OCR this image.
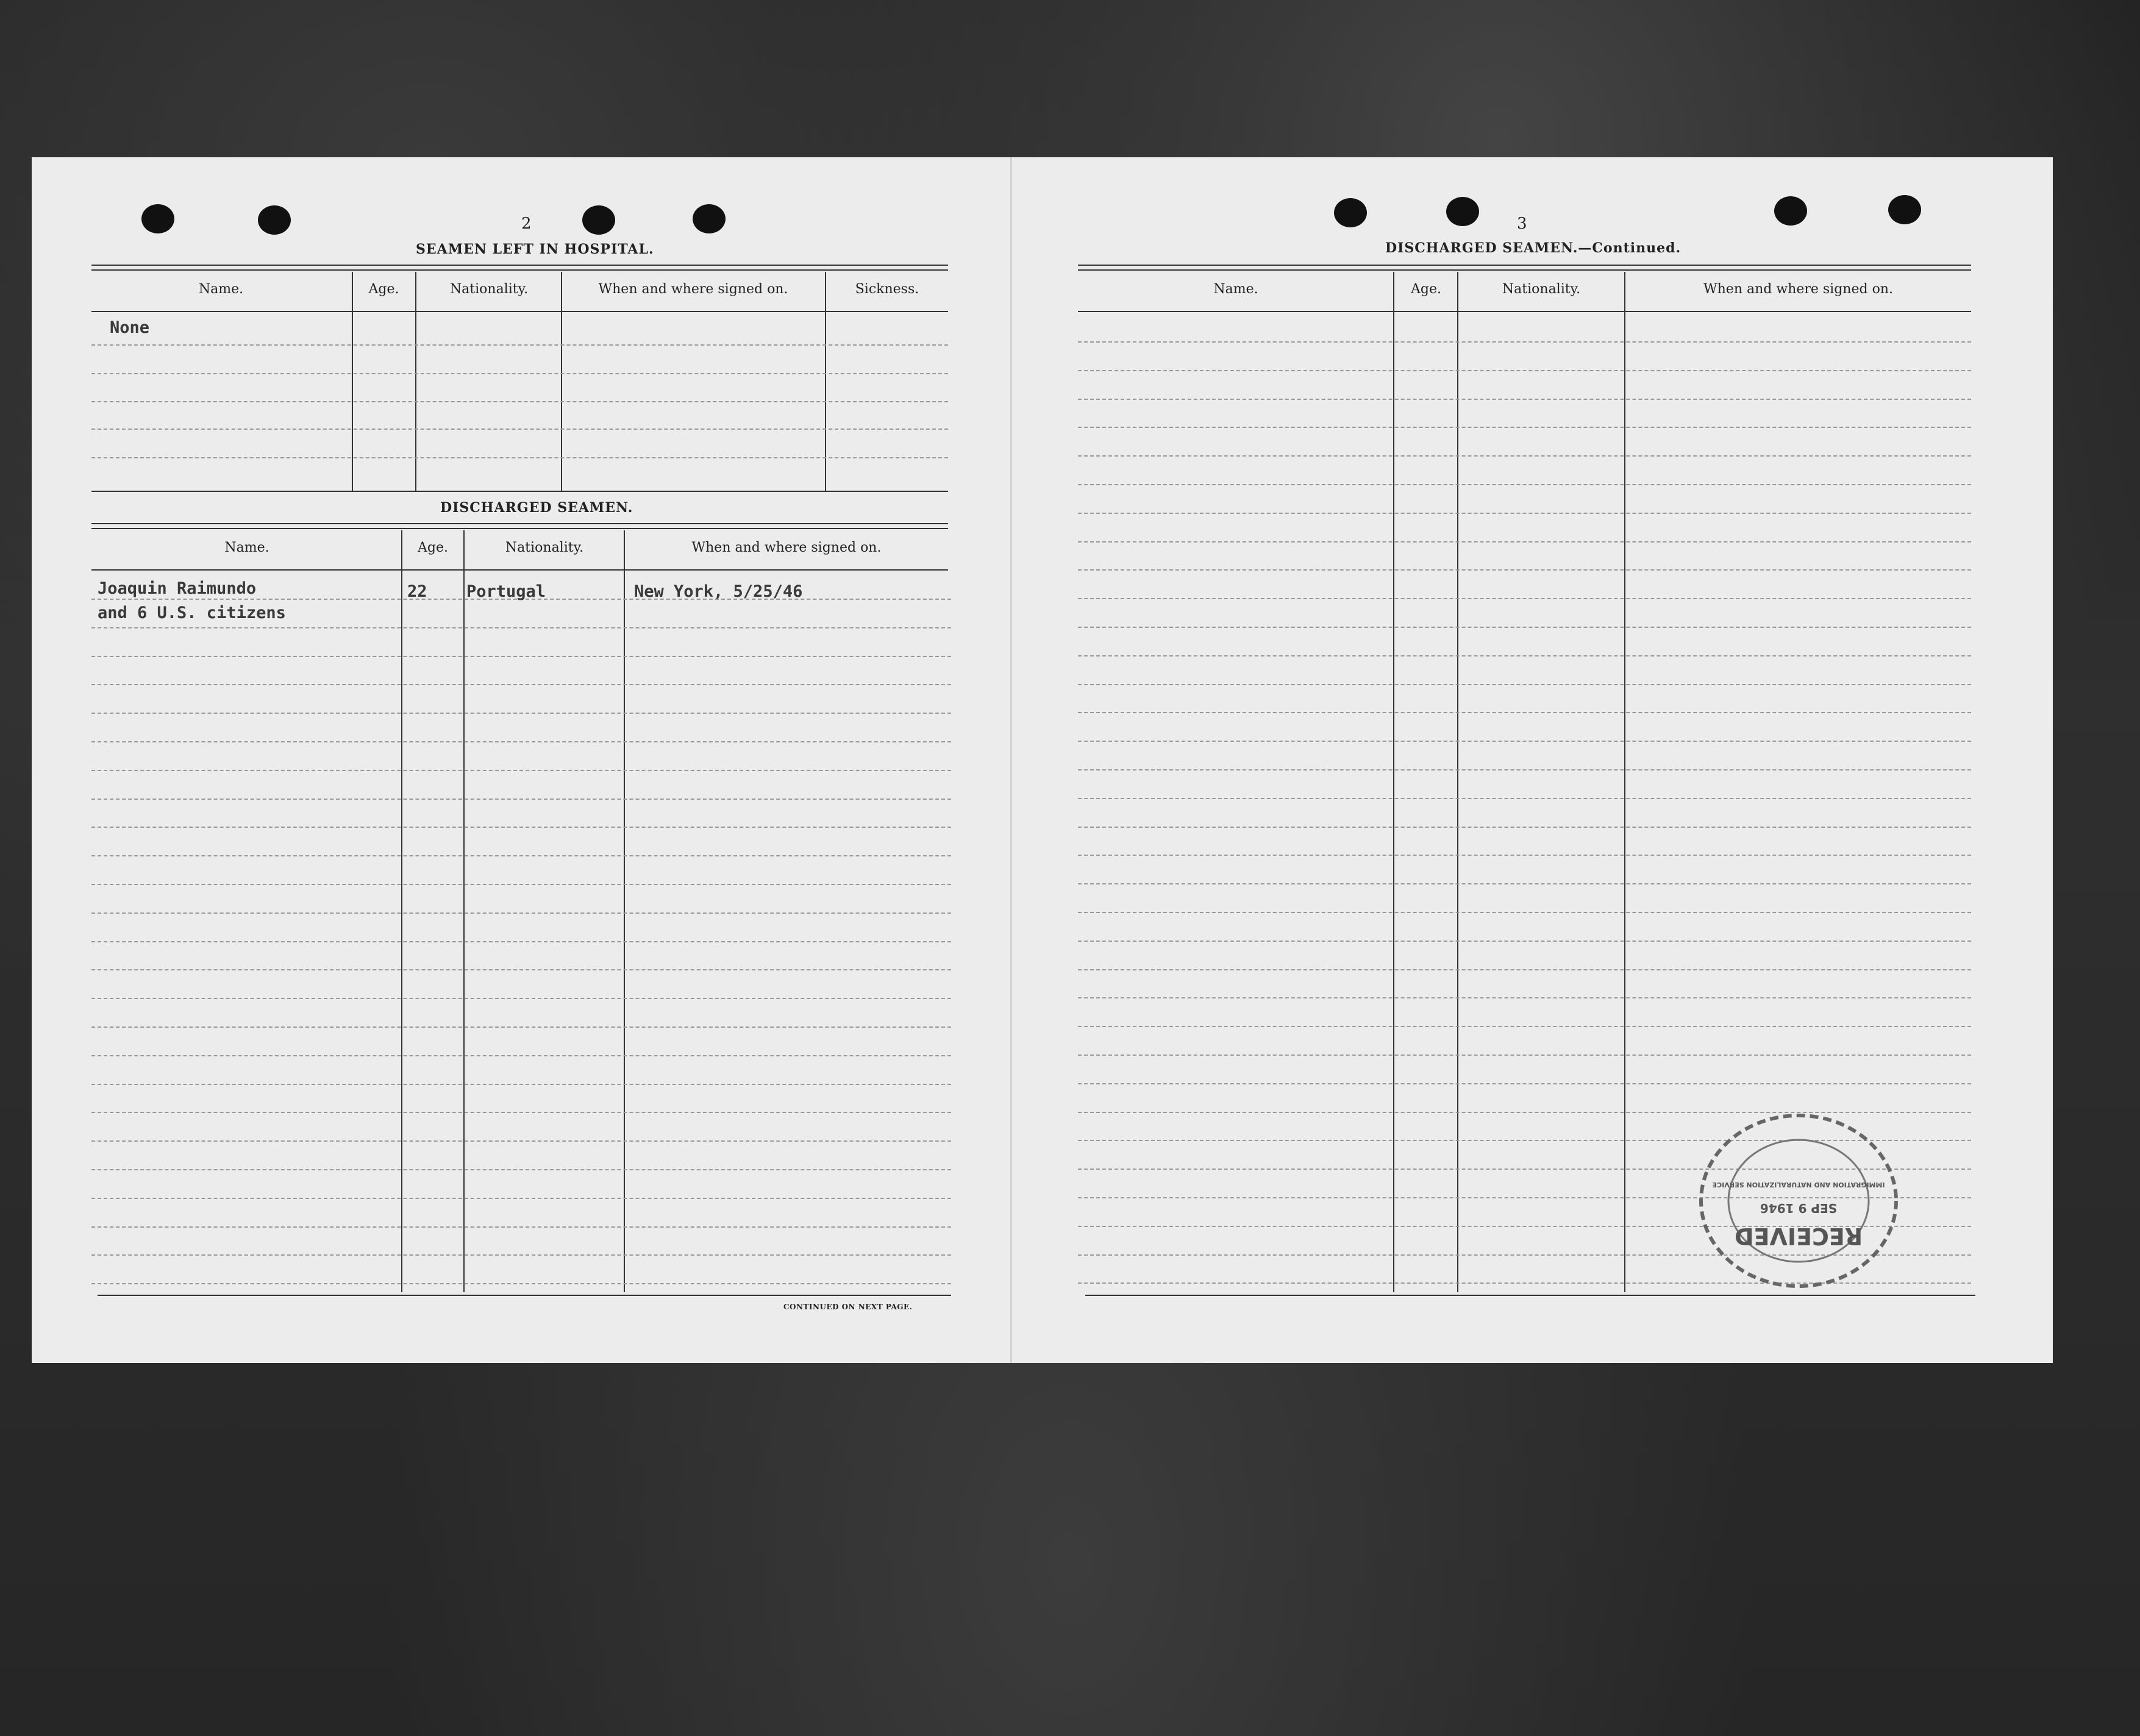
2
SEAMEN LEFT IN HOSPITAL.
Name.	Age.	Nationality.	When and where signed on.	Sickness.
None
DISCHARGED SEAMEN.
Name.	Age.	Nationality.	When and where signed on.
Joaquin Raimundo
and 6 U.S. citizens
22 Portugal	New York, 5/25/46
CONTINUED ON NEXT PAGE.
3
DISCHARGED SEAMEN.—Continued.
Name.	Age.	Nationality.	When and where signed on.
RECEIVED
SEP 9 1946
IMMIGRATION AND NATURALIZATION SERVICE
